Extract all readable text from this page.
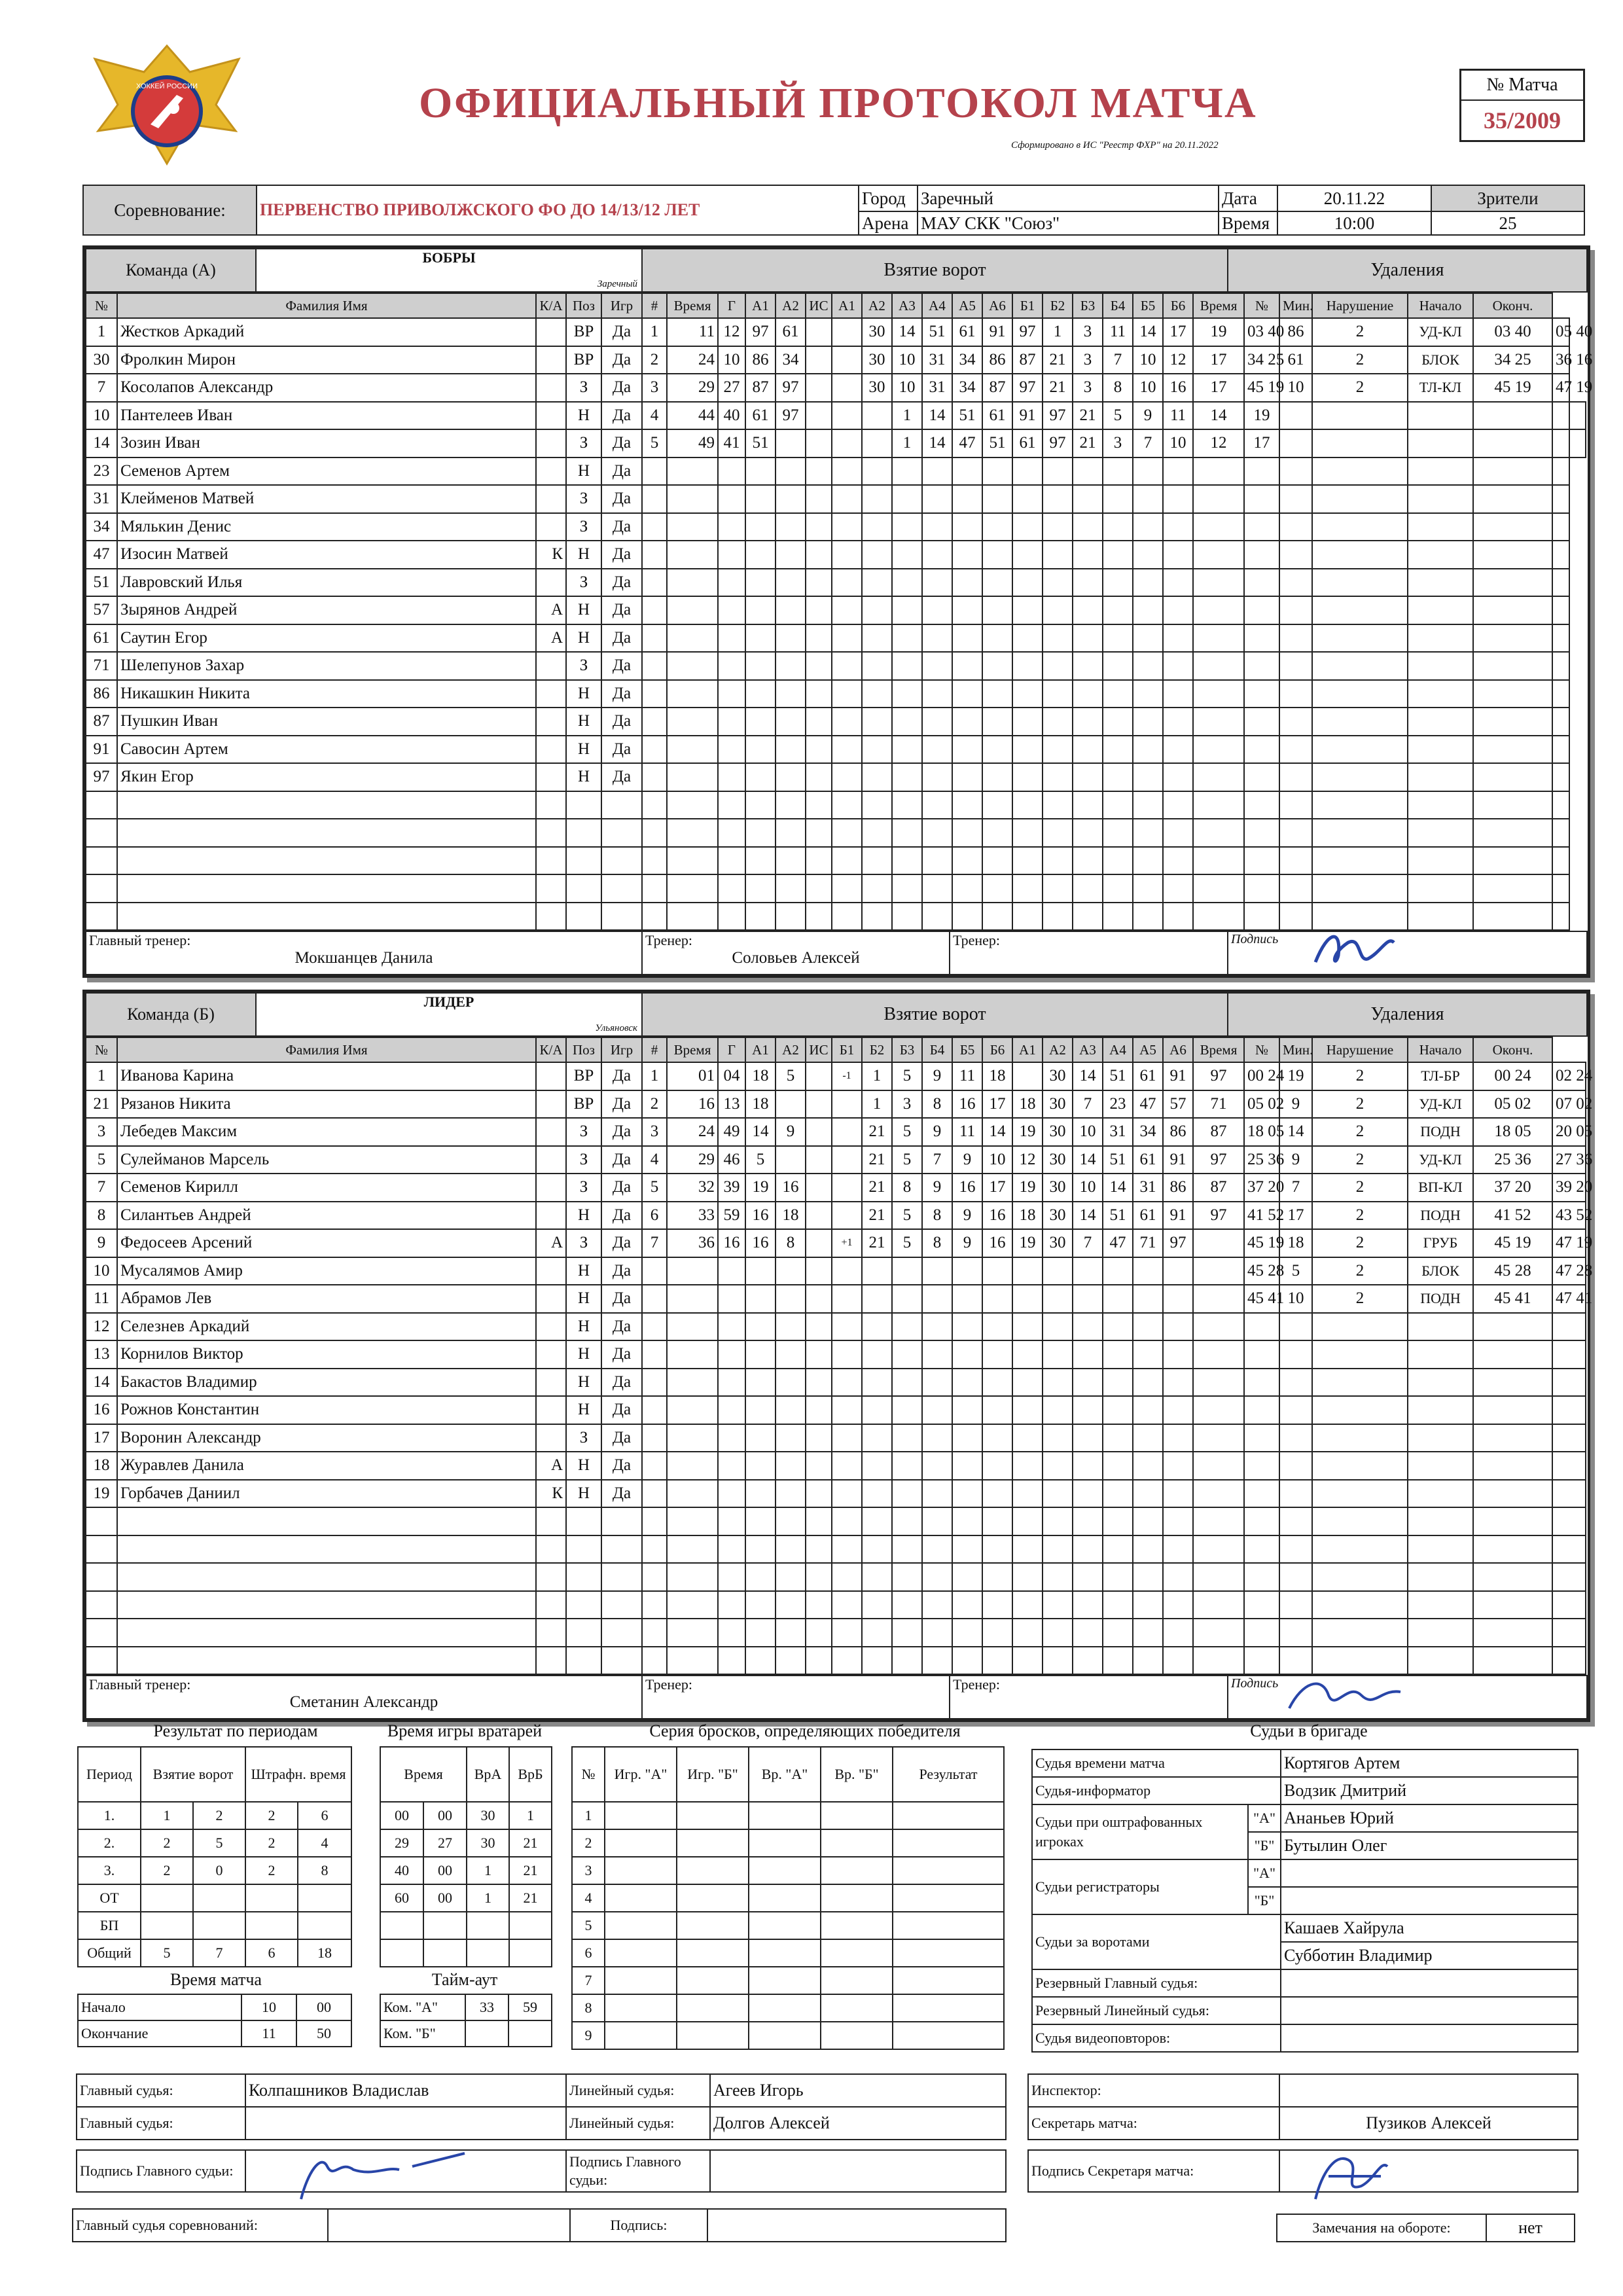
ХОККЕЙ РОССИИ	ОФИЦИАЛЬНЫЙ ПРОТОКОЛ МАТЧА
Сформировано в ИС "Реестр ФХР" на 20.11.2022
№ Матча
35/2009
Соревнование:	ПЕРВЕНСТВО ПРИВОЛЖСКОГО ФО ДО 14/13/12 ЛЕТ	Город	Заречный	Дата	20.11.22	Зрители
		Арена	МАУ СКК "Союз"	Время	10:00	25
Команда (А)	БОБРЫ
Заречный
	Взятие ворот	Удаления
№	Фамилия Имя	К/А	Поз	Игр	#	Время	Г	А1	А2	ИС	А1	А2	А3	А4	А5	А6	Б1	Б2	Б3	Б4	Б5	Б6	Время	№	Мин.	Нарушение	Начало	Оконч.		
1	Жестков Аркадий		ВР	Да	1	11	12	97	61			30	14	51	61	91	97	1	3	11	14	17	19	03 40	86	2	УД-КЛ	03 40	05 40	
30	Фролкин Мирон		ВР	Да	2	24	10	86	34			30	10	31	34	86	87	21	3	7	10	12	17	34 25	61	2	БЛОК	34 25	36 16	
7	Косолапов Александр		З	Да	3	29	27	87	97			30	10	31	34	87	97	21	3	8	10	16	17	45 19	10	2	ТЛ-КЛ	45 19	47 19	
10	Пантелеев Иван		Н	Да	4	44	40	61	97				1	14	51	61	91	97	21	5	9	11	14	19						
14	Зозин Иван		З	Да	5	49	41	51					1	14	47	51	61	97	21	3	7	10	12	17						
23	Семенов Артем		Н	Да																										
31	Клейменов Матвей		З	Да																										
34	Мялькин Денис		З	Да																										
47	Изосин Матвей	К	Н	Да																										
51	Лавровский Илья		З	Да																										
57	Зырянов Андрей	А	Н	Да																										
61	Саутин Егор	А	Н	Да																										
71	Шелепунов Захар		З	Да																										
86	Никашкин Никита		Н	Да																										
87	Пушкин Иван		Н	Да																										
91	Савосин Артем		Н	Да																										
97	Якин Егор		Н	Да																										

Главный тренер:
Мокшанцев Данила

Тренер:
Соловьев Алексей

Тренер:	Подпись
Команда (Б)	ЛИДЕР
Ульяновск
	Взятие ворот	Удаления
№	Фамилия Имя	К/А	Поз	Игр	#	Время	Г	А1	А2	ИС	Б1	Б2	Б3	Б4	Б5	Б6	А1	А2	А3	А4	А5	А6	Время	№	Мин.	Нарушение	Начало	Оконч.	
1	Иванова Карина		ВР	Да	1	01	04	18	5		-1	1	5	9	11	18		30	14	51	61	91	97	00 24	19	2	ТЛ-БР	00 24	02 24
21	Рязанов Никита		ВР	Да	2	16	13	18				1	3	8	16	17	18	30	7	23	47	57	71	05 02	9	2	УД-КЛ	05 02	07 02
3	Лебедев Максим		З	Да	3	24	49	14	9			21	5	9	11	14	19	30	10	31	34	86	87	18 05	14	2	ПОДН	18 05	20 05
5	Сулейманов Марсель		З	Да	4	29	46	5				21	5	7	9	10	12	30	14	51	61	91	97	25 36	9	2	УД-КЛ	25 36	27 36
7	Семенов Кирилл		З	Да	5	32	39	19	16			21	8	9	16	17	19	30	10	14	31	86	87	37 20	7	2	ВП-КЛ	37 20	39 20
8	Силантьев Андрей		Н	Да	6	33	59	16	18			21	5	8	9	16	18	30	14	51	61	91	97	41 52	17	2	ПОДН	41 52	43 52
9	Федосеев Арсений	А	З	Да	7	36	16	16	8		+1	21	5	8	9	16	19	30	7	47	71	97		45 19	18	2	ГРУБ	45 19	47 19
10	Мусалямов Амир		Н	Да																				45 28	5	2	БЛОК	45 28	47 28
11	Абрамов Лев		Н	Да																				45 41	10	2	ПОДН	45 41	47 41
12	Селезнев Аркадий		Н	Да																									
13	Корнилов Виктор		Н	Да																									
14	Бакастов Владимир		Н	Да																									
16	Рожнов Константин		Н	Да																									
17	Воронин Александр		З	Да																									
18	Журавлев Данила	А	Н	Да																									
19	Горбачев Даниил	К	Н	Да																									

Главный тренер:
Сметанин Александр

Тренер:	Тренер:	Подпись
Результат по периодам
Период	Взятие ворот		Штрафн. время	
1.	1	2	2	6
2.	2	5	2	4
3.	2	0	2	8
ОТ				
БП				
Общий	5	7	6	18
Время игры вратарей
Время		ВрА	ВрБ
00	00	30	1
29	27	30	21
40	00	1	21
60	00	1	21

Время матча
Начало	10	00
Окончание	11	50
Тайм-аут
Ком. "А"	33	59
Ком. "Б"		
Серия бросков, определяющих победителя
№	Игр. "А"	Игр. "Б"	Вр. "А"	Вр. "Б"	Результат
1					
2					
3					
4					
5					
6					
7					
8					
9					
Судьи в бригаде
Судья времени матча		Кортягов Артем
Судья-информатор		Водзик Дмитрий
Судьи при оштрафованных игроках	"А"	Ананьев Юрий
	"Б"	Бутылин Олег
Судьи регистраторы	"А"	
	"Б"	
Судьи за воротами		Кашаев Хайрула
		Субботин Владимир
Резервный Главный судья:		
Резервный Линейный судья:		
Судья видеоповторов:		
Главный судья:	Колпашников Владислав	Линейный судья:	Агеев Игорь
Главный судья:		Линейный судья:	Долгов Алексей
Инспектор:	
Секретарь матча:	Пузиков Алексей
Подпись Главного судьи:		Подпись Главного судьи:	
Подпись Секретаря матча:	
Главный судья соревнований:		Подпись:		Замечания на обороте:	нет
